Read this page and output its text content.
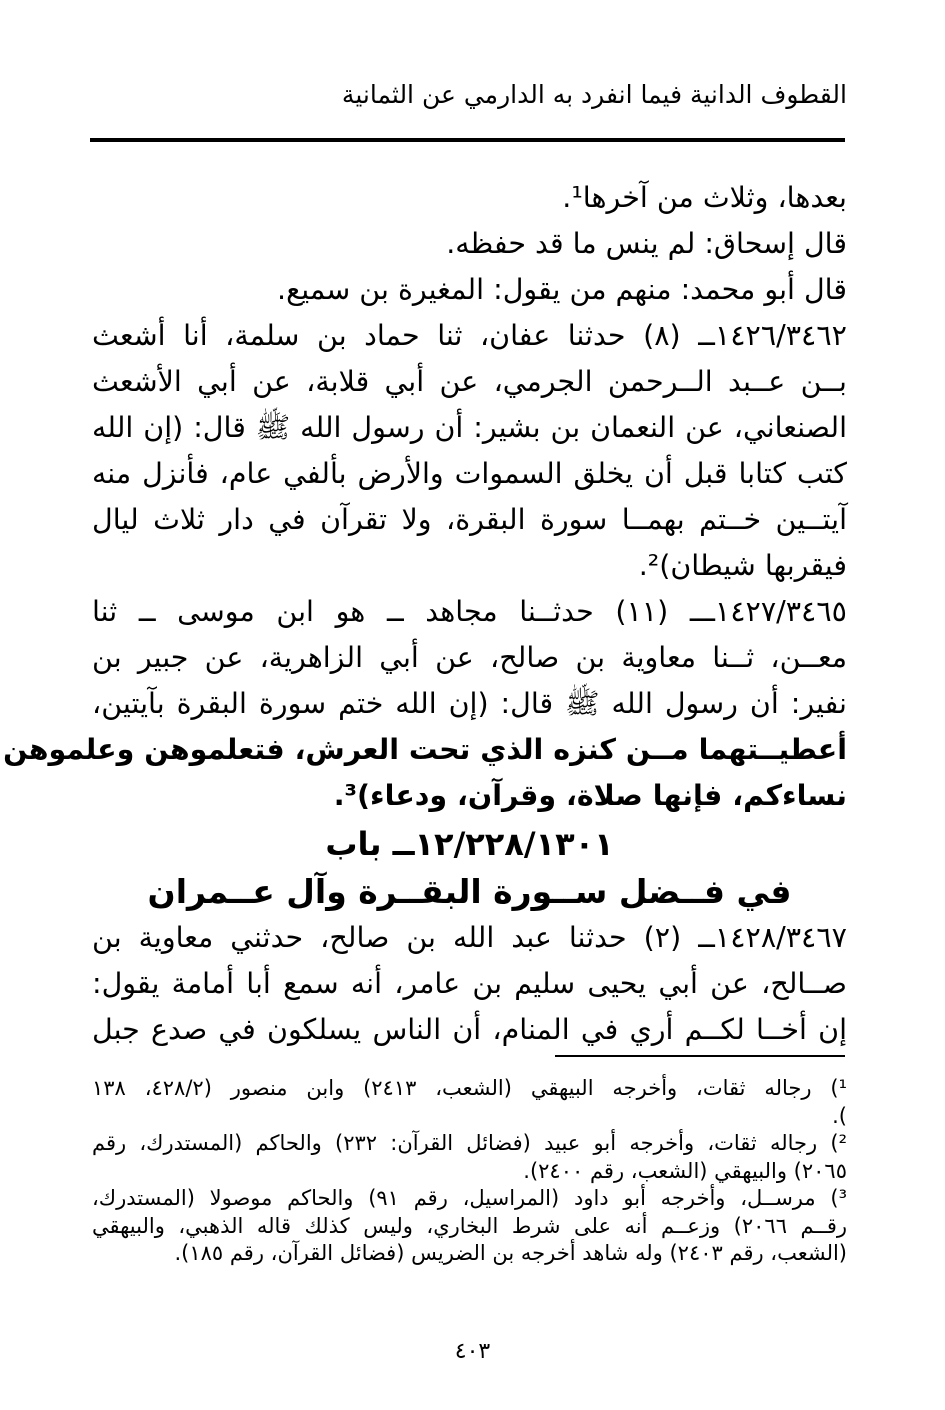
القطوف الدانية فيما انفرد به الدارمي عن الثمانية
بعدها، وثلاث من آخرها¹.
قال إسحاق: لم ينس ما قد حفظه.
قال أبو محمد: منهم من يقول: المغيرة بن سميع.
١٤٢٦/٣٤٦٢ــ (٨) حدثنا عفان، ثنا حماد بن سلمة، أنا أشعث
بــن عــبد الــرحمن الجرمي، عن أبي قلابة، عن أبي الأشعث
الصنعاني، عن النعمان بن بشير: أن رسول الله ﷺ قال: (إن الله
كتب كتابا قبل أن يخلق السموات والأرض بألفي عام، فأنزل منه
آيتــين خــتم بهمــا سورة البقرة، ولا تقرآن في دار ثلاث ليال
فيقربها شيطان)².
١٤٢٧/٣٤٦٥ـــ (١١) حدثــنا مجاهد ــ هو ابن موسى ــ ثنا
معــن، ثــنا معاوية بن صالح، عن أبي الزاهرية، عن جبير بن
نفير: أن رسول الله ﷺ قال: (إن الله ختم سورة البقرة بآيتين،
أعطيــتهما مــن كنزه الذي تحت العرش، فتعلموهن وعلموهن
نساءكم، فإنها صلاة، وقرآن، ودعاء)³.
١٢/٢٢٨/١٣٠١ــ باب
في فــضل ســورة البقــرة وآل عــمران
١٤٢٨/٣٤٦٧ــ (٢) حدثنا عبد الله بن صالح، حدثني معاوية بن
صــالح، عن أبي يحيى سليم بن عامر، أنه سمع أبا أمامة يقول:
إن أخــا لكــم أري في المنام، أن الناس يسلكون في صدع جبل
¹) رجاله ثقات، وأخرجه البيهقي (الشعب، ٢٤١٣) وابن منصور (٤٢٨/٢، ١٣٨
).
²) رجاله ثقات، وأخرجه أبو عبيد (فضائل القرآن: ٢٣٢) والحاكم (المستدرك، رقم
٢٠٦٥) والبيهقي (الشعب، رقم ٢٤٠٠).
³) مرســل، وأخرجه أبو داود (المراسيل، رقم ٩١) والحاكم موصولا (المستدرك،
رقــم ٢٠٦٦) وزعــم أنه على شرط البخاري، وليس كذلك قاله الذهبي، والبيهقي
(الشعب، رقم ٢٤٠٣) وله شاهد أخرجه بن الضريس (فضائل القرآن، رقم ١٨٥).
٤٠٣
